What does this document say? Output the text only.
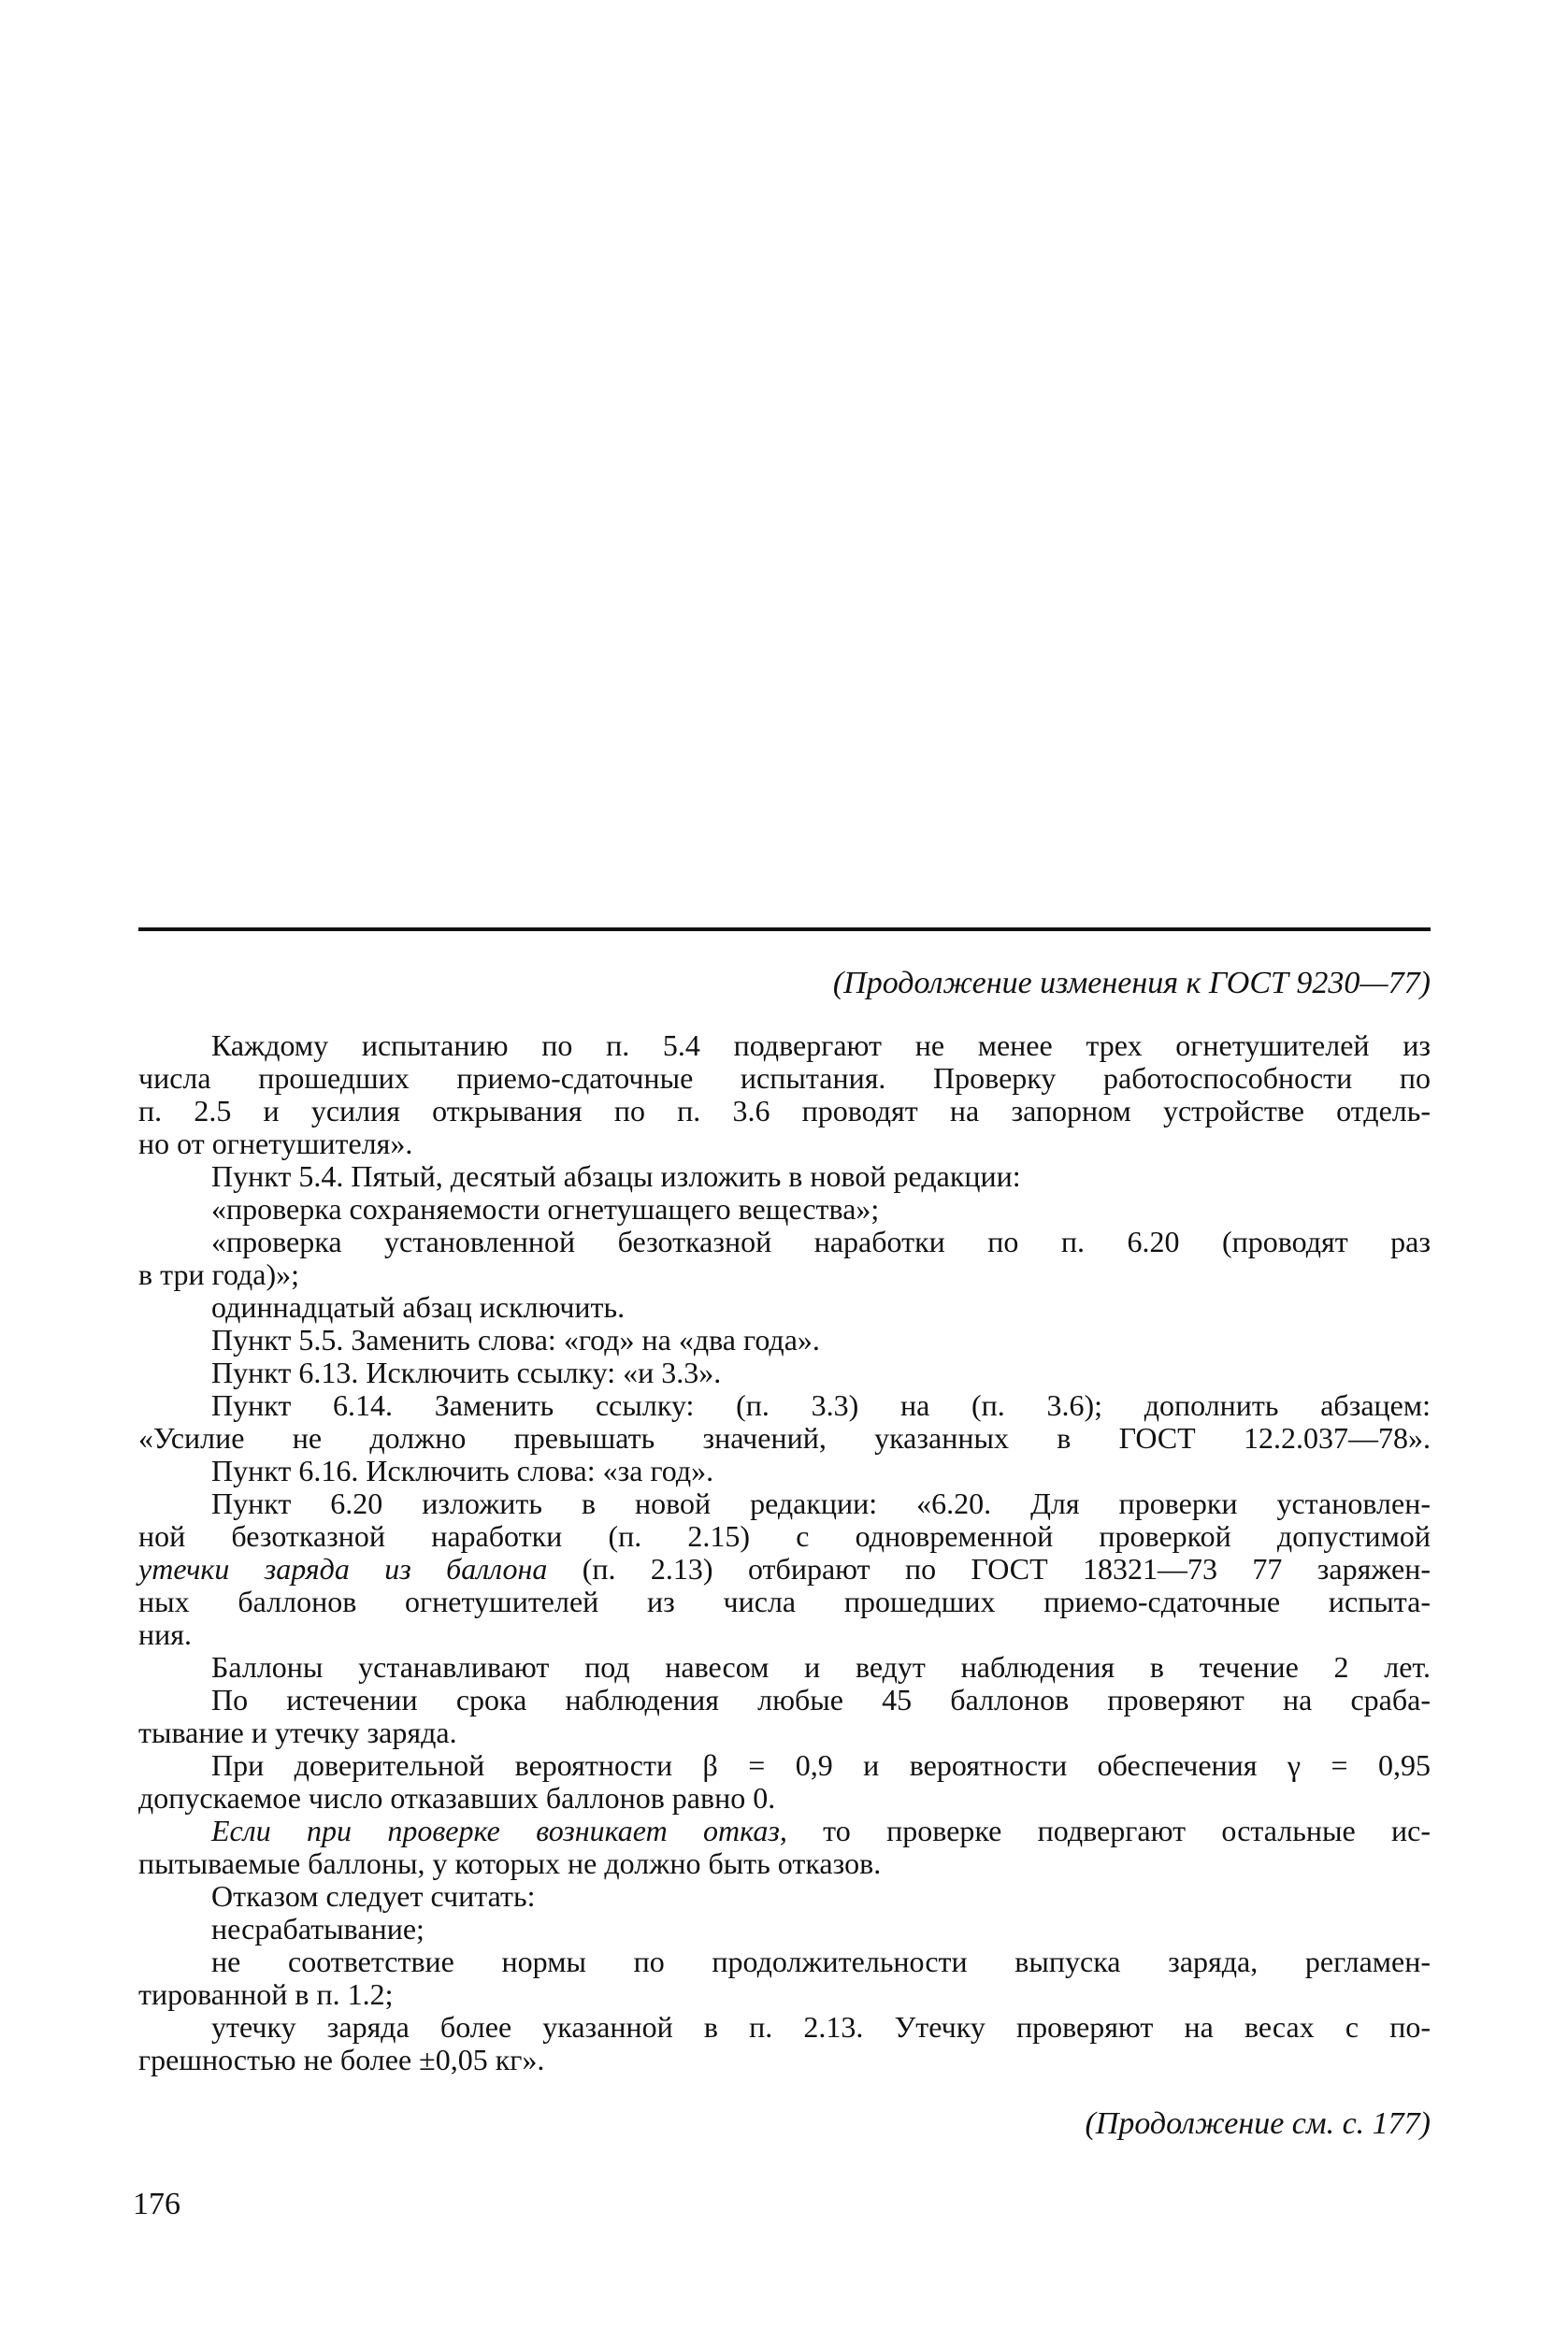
(Продолжение изменения к ГОСТ 9230—77)
Каждому испытанию по п. 5.4 подвергают не менее трех огнетушителей из
числа прошедших приемо-сдаточные испытания. Проверку работоспособности по
п. 2.5 и усилия открывания по п. 3.6 проводят на запорном устройстве отдель-
но от огнетушителя».
Пункт 5.4. Пятый, десятый абзацы изложить в новой редакции:
«проверка сохраняемости огнетушащего вещества»;
«проверка установленной безотказной наработки по п. 6.20 (проводят раз
в три года)»;
одиннадцатый абзац исключить.
Пункт 5.5. Заменить слова: «год» на «два года».
Пункт 6.13. Исключить ссылку: «и 3.3».
Пункт 6.14. Заменить ссылку: (п. 3.3) на (п. 3.6); дополнить абзацем:
«Усилие не должно превышать значений, указанных в ГОСТ 12.2.037—78».
Пункт 6.16. Исключить слова: «за год».
Пункт 6.20 изложить в новой редакции: «6.20. Для проверки установлен-
ной безотказной наработки (п. 2.15) с одновременной проверкой допустимой
утечки заряда из баллона (п. 2.13) отбирают по ГОСТ 18321—73 77 заряжен-
ных баллонов огнетушителей из числа прошедших приемо-сдаточные испыта-
ния.
Баллоны устанавливают под навесом и ведут наблюдения в течение 2 лет.
По истечении срока наблюдения любые 45 баллонов проверяют на сраба-
тывание и утечку заряда.
При доверительной вероятности β = 0,9 и вероятности обеспечения γ = 0,95
допускаемое число отказавших баллонов равно 0.
Если при проверке возникает отказ, то проверке подвергают остальные ис-
пытываемые баллоны, у которых не должно быть отказов.
Отказом следует считать:
несрабатывание;
не соответствие нормы по продолжительности выпуска заряда, регламен-
тированной в п. 1.2;
утечку заряда более указанной в п. 2.13. Утечку проверяют на весах с по-
грешностью не более ±0,05 кг».
(Продолжение см. с. 177)
176
